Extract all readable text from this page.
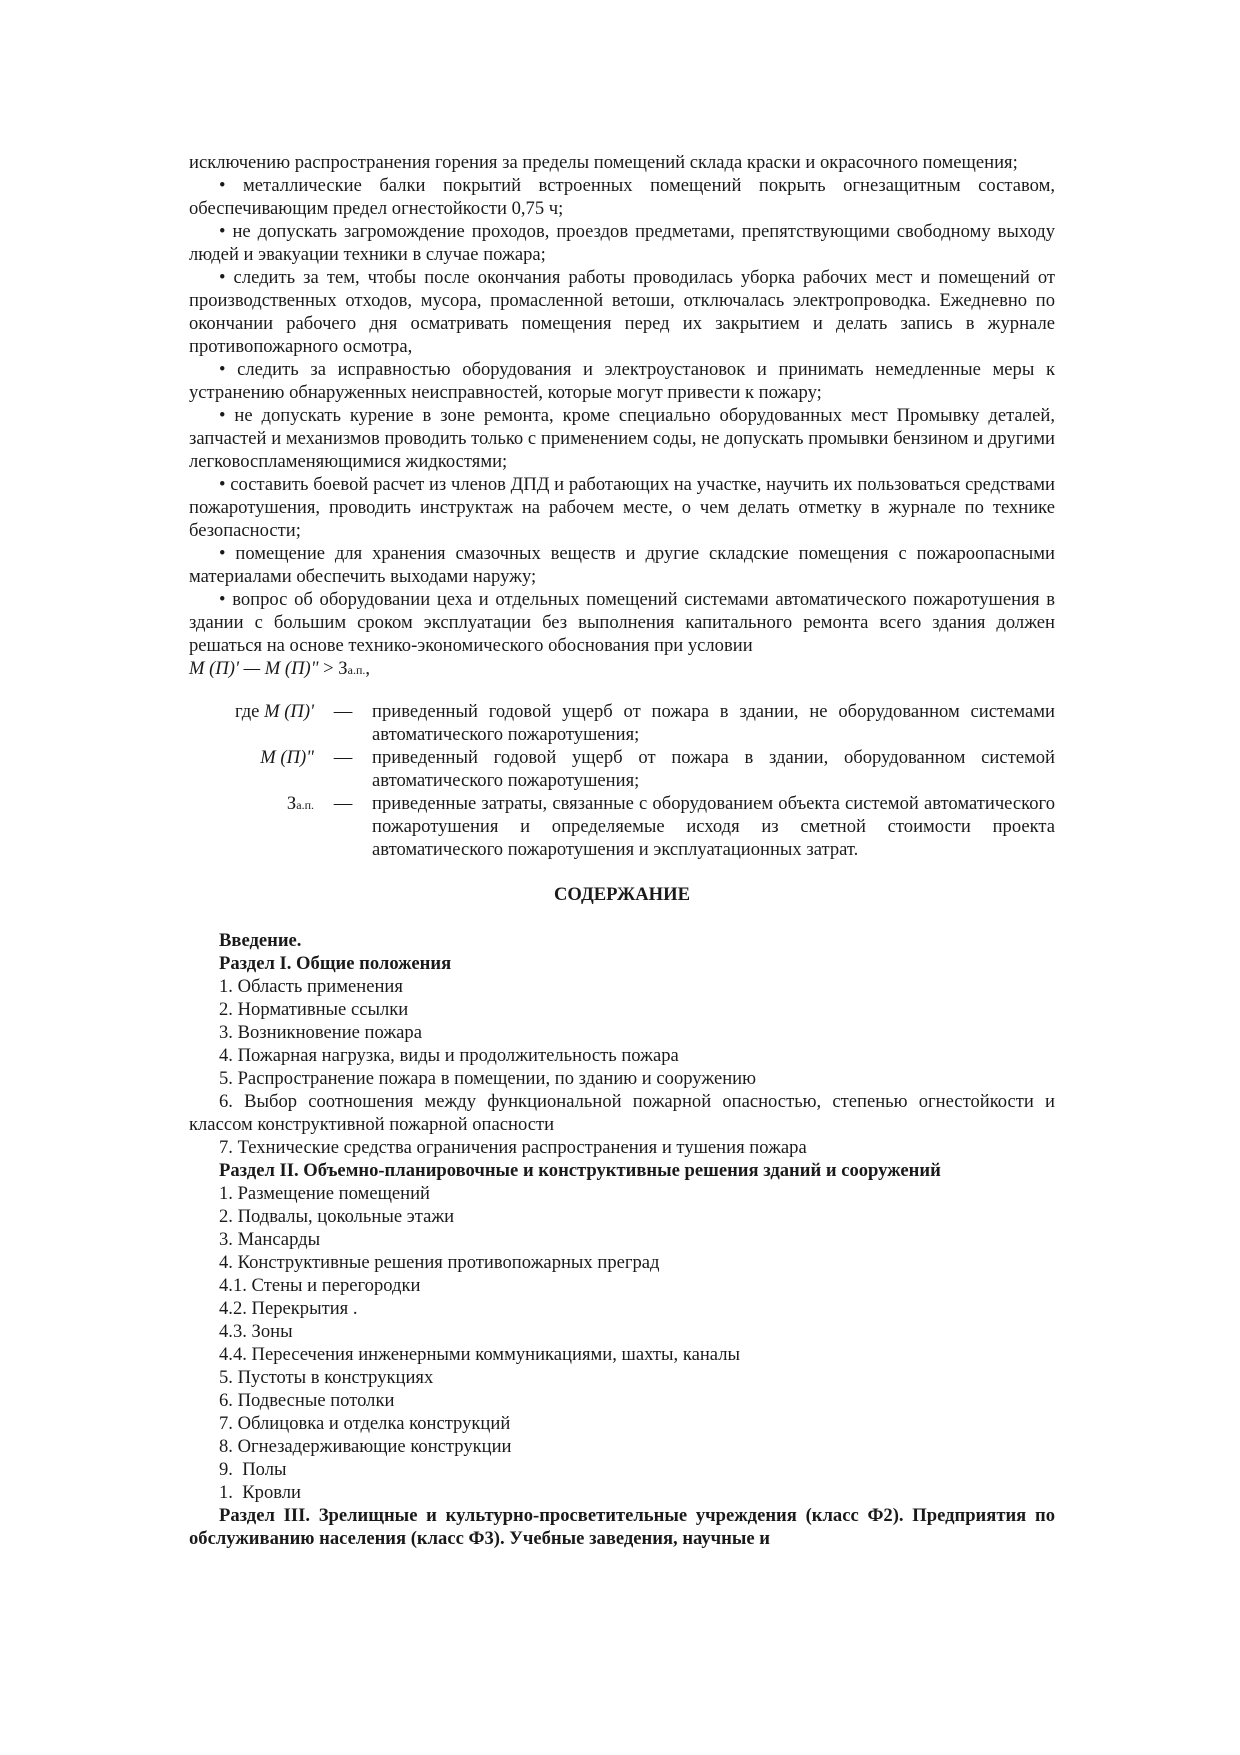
исключению распространения горения за пределы помещений склада краски и окрасочного помещения;

• металлические балки покрытий встроенных помещений покрыть огнезащитным составом, обеспечивающим предел огнестойкости 0,75 ч;

• не допускать загромождение проходов, проездов предметами, препятствующими свободному выходу людей и эвакуации техники в случае пожара;

• следить за тем, чтобы после окончания работы проводилась уборка рабочих мест и помещений от производственных отходов, мусора, промасленной ветоши, отключалась электропроводка. Ежедневно по окончании рабочего дня осматривать помещения перед их закрытием и делать запись в журнале противопожарного осмотра,

• следить за исправностью оборудования и электроустановок и принимать немедленные меры к устранению обнаруженных неисправностей, которые могут привести к пожару;

• не допускать курение в зоне ремонта, кроме специально оборудованных мест Промывку деталей, запчастей и механизмов проводить только с применением соды, не допускать промывки бензином и другими легковоспламеняющимися жидкостями;

• составить боевой расчет из членов ДПД и работающих на участке, научить их пользоваться средствами пожаротушения, проводить инструктаж на рабочем месте, о чем делать отметку в журнале по технике безопасности;

• помещение для хранения смазочных веществ и другие складские помещения с пожароопасными материалами обеспечить выходами наружу;

• вопрос об оборудовании цеха и отдельных помещений системами автоматического пожаротушения в здании с большим сроком эксплуатации без выполнения капитального ремонта всего здания должен решаться на основе технико-экономического обоснования при условии

М (П)' — М (П)" > За.п.,

где М (П)'	—	приведенный годовой ущерб от пожара в здании, не оборудованном системами автоматического пожаротушения;
М (П)"	—	приведенный годовой ущерб от пожара в здании, оборудованном системой автоматического пожаротушения;
За.п.	—	приведенные затраты, связанные с оборудованием объекта системой автоматического пожаротушения и определяемые исходя из сметной стоимости проекта автоматического пожаротушения и эксплуатационных затрат.
СОДЕРЖАНИЕ

Введение.

Раздел I. Общие положения

1. Область применения

2. Нормативные ссылки

3. Возникновение пожара

4. Пожарная нагрузка, виды и продолжительность пожара

5. Распространение пожара в помещении, по зданию и сооружению

6. Выбор соотношения между функциональной пожарной опасностью, степенью огнестойкости и классом конструктивной пожарной опасности

7. Технические средства ограничения распространения и тушения пожара

Раздел II. Объемно-планировочные и конструктивные решения зданий и сооружений

1. Размещение помещений

2. Подвалы, цокольные этажи

3. Мансарды

4. Конструктивные решения противопожарных преград

4.1. Стены и перегородки

4.2. Перекрытия .

4.3. Зоны

4.4. Пересечения инженерными коммуникациями, шахты, каналы

5. Пустоты в конструкциях

6. Подвесные потолки

7. Облицовка и отделка конструкций

8. Огнезадерживающие конструкции

9.  Полы

1.  Кровли

Раздел III. Зрелищные и культурно-просветительные учреждения (класс Ф2). Предприятия по обслуживанию населения (класс Ф3). Учебные заведения, научные и
